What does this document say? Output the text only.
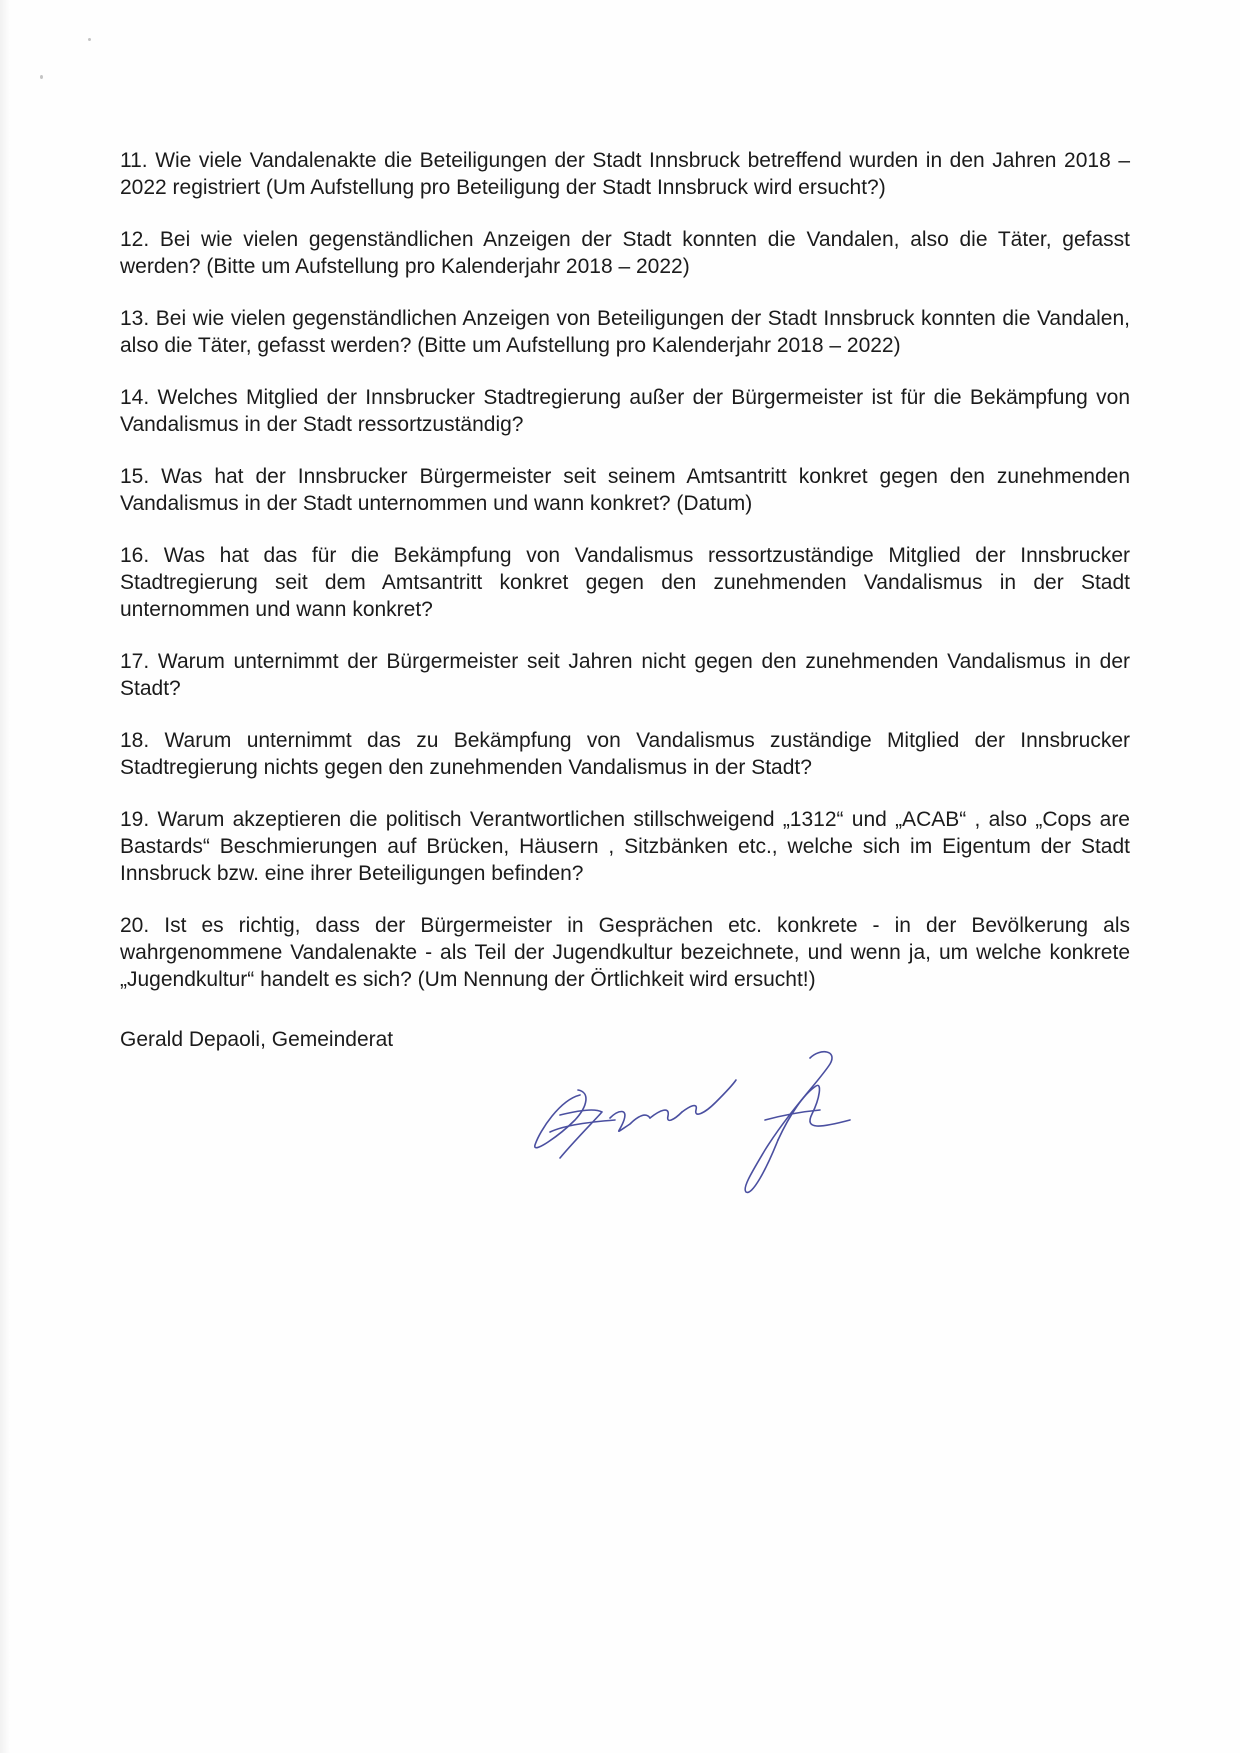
11. Wie viele Vandalenakte die Beteiligungen der Stadt Innsbruck betreffend wurden in den Jahren 2018 – 2022 registriert (Um Aufstellung pro Beteiligung der Stadt Innsbruck wird ersucht?)

12. Bei wie vielen gegenständlichen Anzeigen der Stadt konnten die Vandalen, also die Täter, gefasst werden? (Bitte um Aufstellung pro Kalenderjahr 2018 – 2022)

13. Bei wie vielen gegenständlichen Anzeigen von Beteiligungen der Stadt Innsbruck konnten die Vandalen, also die Täter, gefasst werden? (Bitte um Aufstellung pro Kalenderjahr 2018 – 2022)

14. Welches Mitglied der Innsbrucker Stadtregierung außer der Bürgermeister ist für die Bekämpfung von Vandalismus in der Stadt ressortzuständig?

15. Was hat der Innsbrucker Bürgermeister seit seinem Amtsantritt konkret gegen den zunehmenden Vandalismus in der Stadt unternommen und wann konkret? (Datum)

16. Was hat das für die Bekämpfung von Vandalismus ressortzuständige Mitglied der Innsbrucker Stadtregierung seit dem Amtsantritt konkret gegen den zunehmenden Vandalismus in der Stadt unternommen und wann konkret?

17. Warum unternimmt der Bürgermeister seit Jahren nicht gegen den zunehmenden Vandalismus in der Stadt?

18. Warum unternimmt das zu Bekämpfung von Vandalismus zuständige Mitglied der Innsbrucker Stadtregierung nichts gegen den zunehmenden Vandalismus in der Stadt?

19. Warum akzeptieren die politisch Verantwortlichen stillschweigend „1312“ und „ACAB“ , also „Cops are Bastards“ Beschmierungen auf Brücken, Häusern , Sitzbänken etc., welche sich im Eigentum der Stadt Innsbruck bzw. eine ihrer Beteiligungen befinden?

20. Ist es richtig, dass der Bürgermeister in Gesprächen etc. konkrete - in der Bevölkerung als wahrgenommene Vandalenakte - als Teil der Jugendkultur bezeichnete, und wenn ja, um welche konkrete „Jugendkultur“ handelt es sich? (Um Nennung der Örtlichkeit wird ersucht!)

Gerald Depaoli, Gemeinderat
